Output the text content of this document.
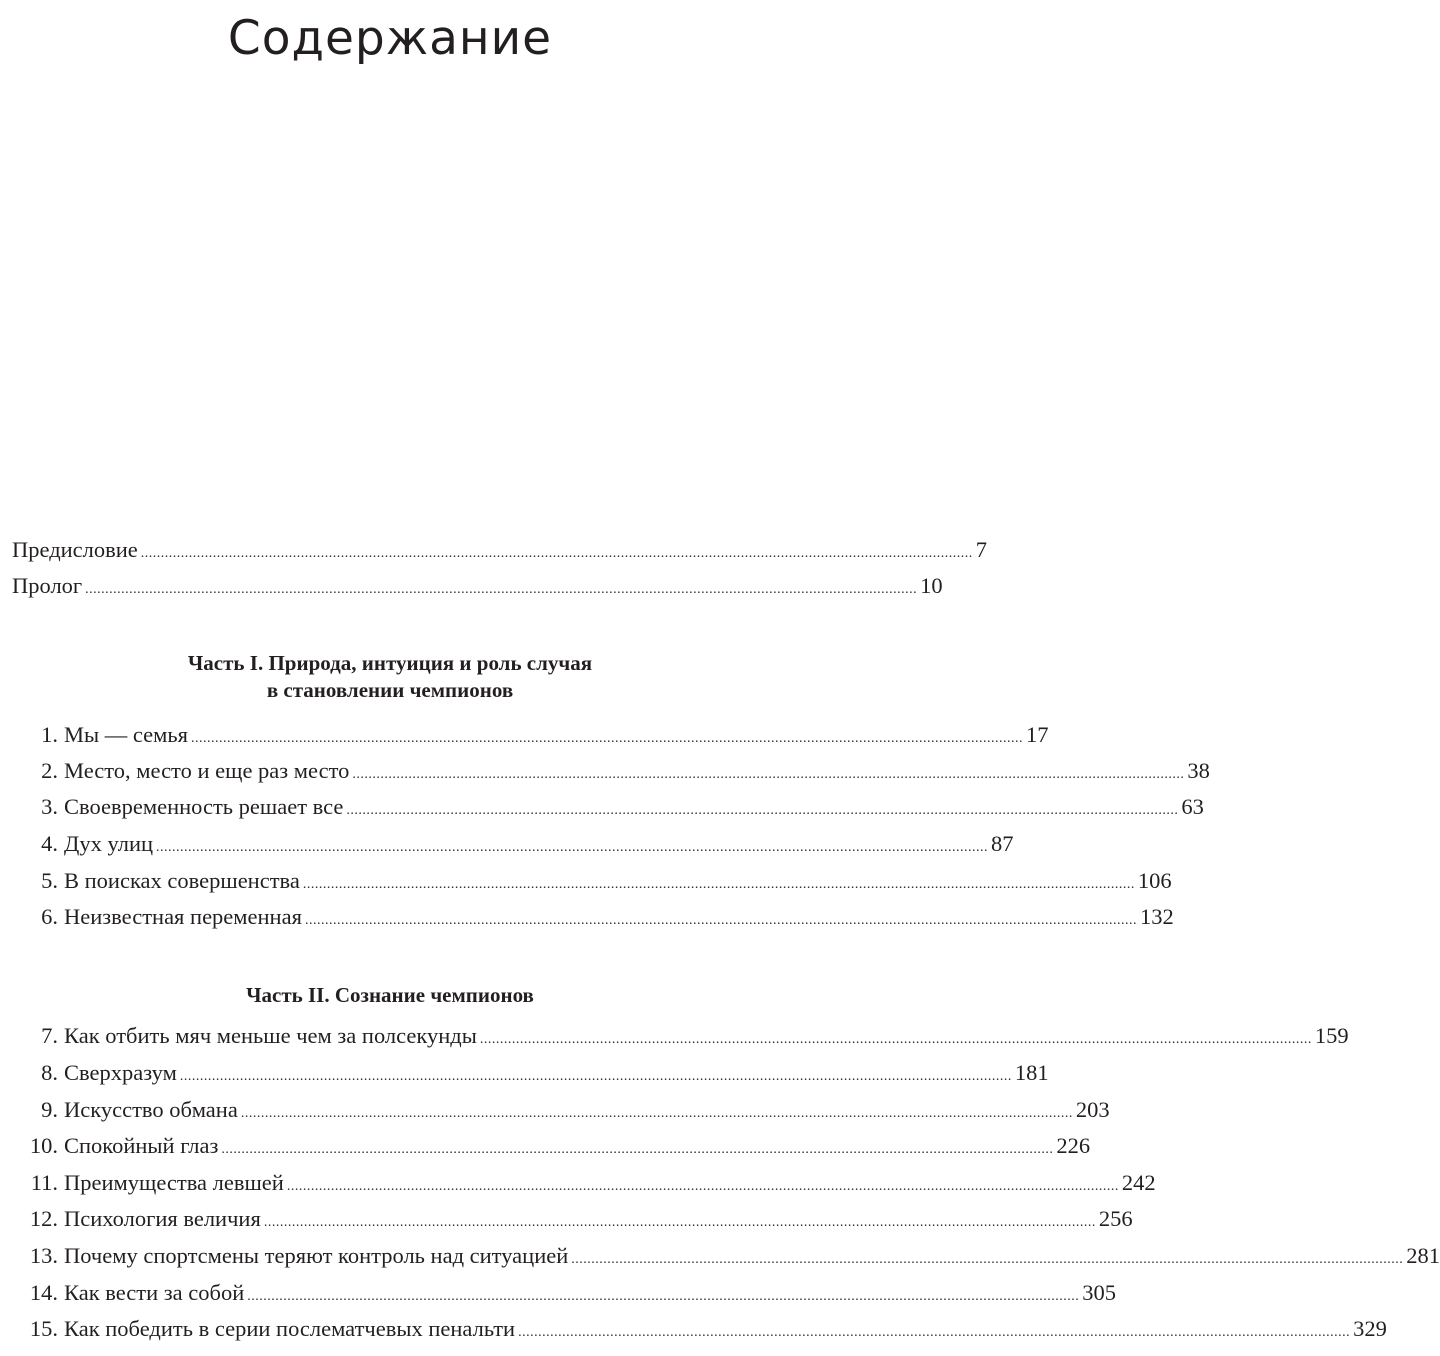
Содержание
Предисловие ................................................................................................................................................................................................................ 7
Пролог ................................................................................................................................................................................................................ 10
Часть I. Природа, интуиция и роль случая
в становлении чемпионов
1. Мы — семья ................................................................................................................................................................................................................ 17
2. Место, место и еще раз место ................................................................................................................................................................................................................ 38
3. Своевременность решает все ................................................................................................................................................................................................................ 63
4. Дух улиц ................................................................................................................................................................................................................ 87
5. В поисках совершенства ................................................................................................................................................................................................................ 106
6. Неизвестная переменная ................................................................................................................................................................................................................ 132
Часть II. Сознание чемпионов
7. Как отбить мяч меньше чем за полсекунды ................................................................................................................................................................................................................ 159
8. Сверхразум ................................................................................................................................................................................................................ 181
9. Искусство обмана ................................................................................................................................................................................................................ 203
10. Спокойный глаз ................................................................................................................................................................................................................ 226
11. Преимущества левшей ................................................................................................................................................................................................................ 242
12. Психология величия ................................................................................................................................................................................................................ 256
13. Почему спортсмены теряют контроль над ситуацией ................................................................................................................................................................................................................ 281
14. Как вести за собой ................................................................................................................................................................................................................ 305
15. Как победить в серии послематчевых пенальти ................................................................................................................................................................................................................ 329
